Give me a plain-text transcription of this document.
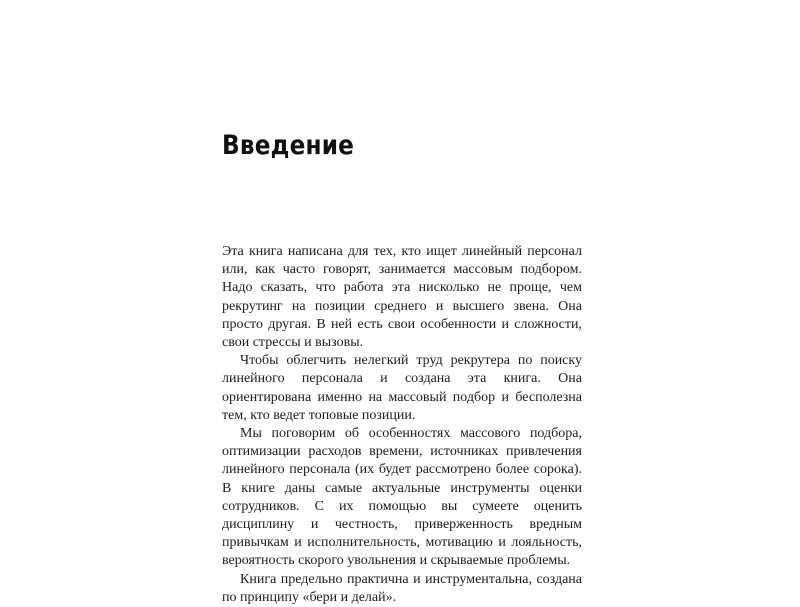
Введение

Эта книга написана для тех, кто ищет линейный персонал или, как часто говорят, занимается массовым подбором. Надо сказать, что работа эта нисколько не проще, чем рекрутинг на позиции среднего и высшего звена. Она просто другая. В ней есть свои особенности и сложности, свои стрессы и вызовы.

Чтобы облегчить нелегкий труд рекрутера по поиску линейного персонала и создана эта книга. Она ориентирована именно на массовый подбор и бесполезна тем, кто ведет топовые позиции.

Мы поговорим об особенностях массового подбора, оптимизации расходов времени, источниках привлечения линейного персонала (их будет рассмотрено более сорока). В книге даны самые актуальные инструменты оценки сотрудников. С их помощью вы сумеете оценить дисциплину и честность, приверженность вредным привычкам и исполнительность, мотивацию и лояльность, вероятность скорого увольнения и скрываемые проблемы.

Книга предельно практична и инструментальна, создана по принципу «бери и делай».
